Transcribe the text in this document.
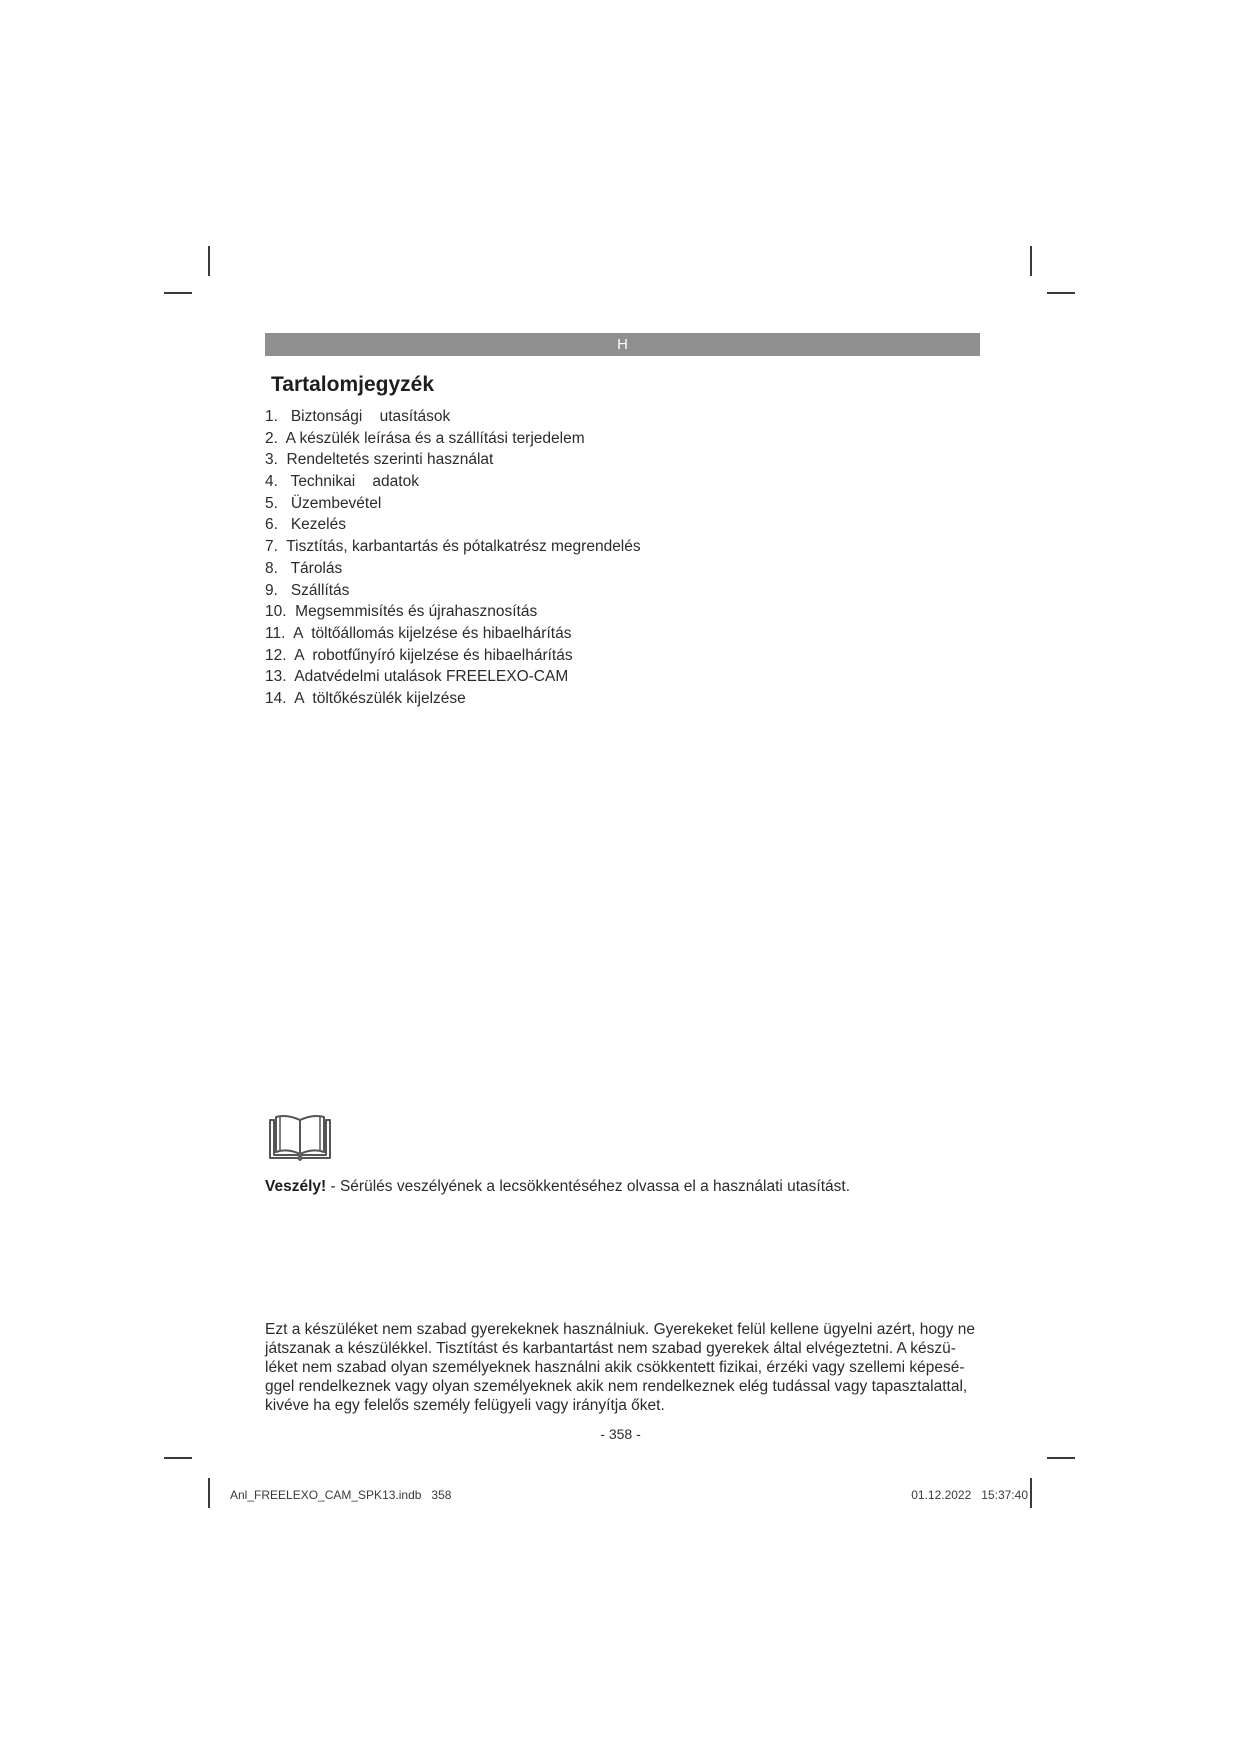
H
Tartalomjegyzék
1.   Biztonsági    utasítások
2.  A készülék leírása és a szállítási terjedelem
3.  Rendeltetés szerinti használat
4.   Technikai    adatok
5.   Üzembevétel
6.   Kezelés
7.  Tisztítás, karbantartás és pótalkatrész megrendelés
8.   Tárolás
9.   Szállítás
10.  Megsemmisítés és újrahasznosítás
11.  A  töltőállomás kijelzése és hibaelhárítás
12.  A  robotfűnyíró kijelzése és hibaelhárítás
13.  Adatvédelmi utalások FREELEXO-CAM
14.  A  töltőkészülék kijelzése

Veszély! - Sérülés veszélyének a lecsökkentéséhez olvassa el a használati utasítást.

Ezt a készüléket nem szabad gyerekeknek használniuk. Gyerekeket felül kellene ügyelni azért, hogy ne
játszanak a készülékkel. Tisztítást és karbantartást nem szabad gyerekek által elvégeztetni. A készü-
léket nem szabad olyan személyeknek használni akik csökkentett fizikai, érzéki vagy szellemi képesé-
ggel rendelkeznek vagy olyan személyeknek akik nem rendelkeznek elég tudással vagy tapasztalattal,
kivéve ha egy felelős személy felügyeli vagy irányítja őket.

- 358 -
Anl_FREELEXO_CAM_SPK13.indb   358	01.12.2022   15:37:40
